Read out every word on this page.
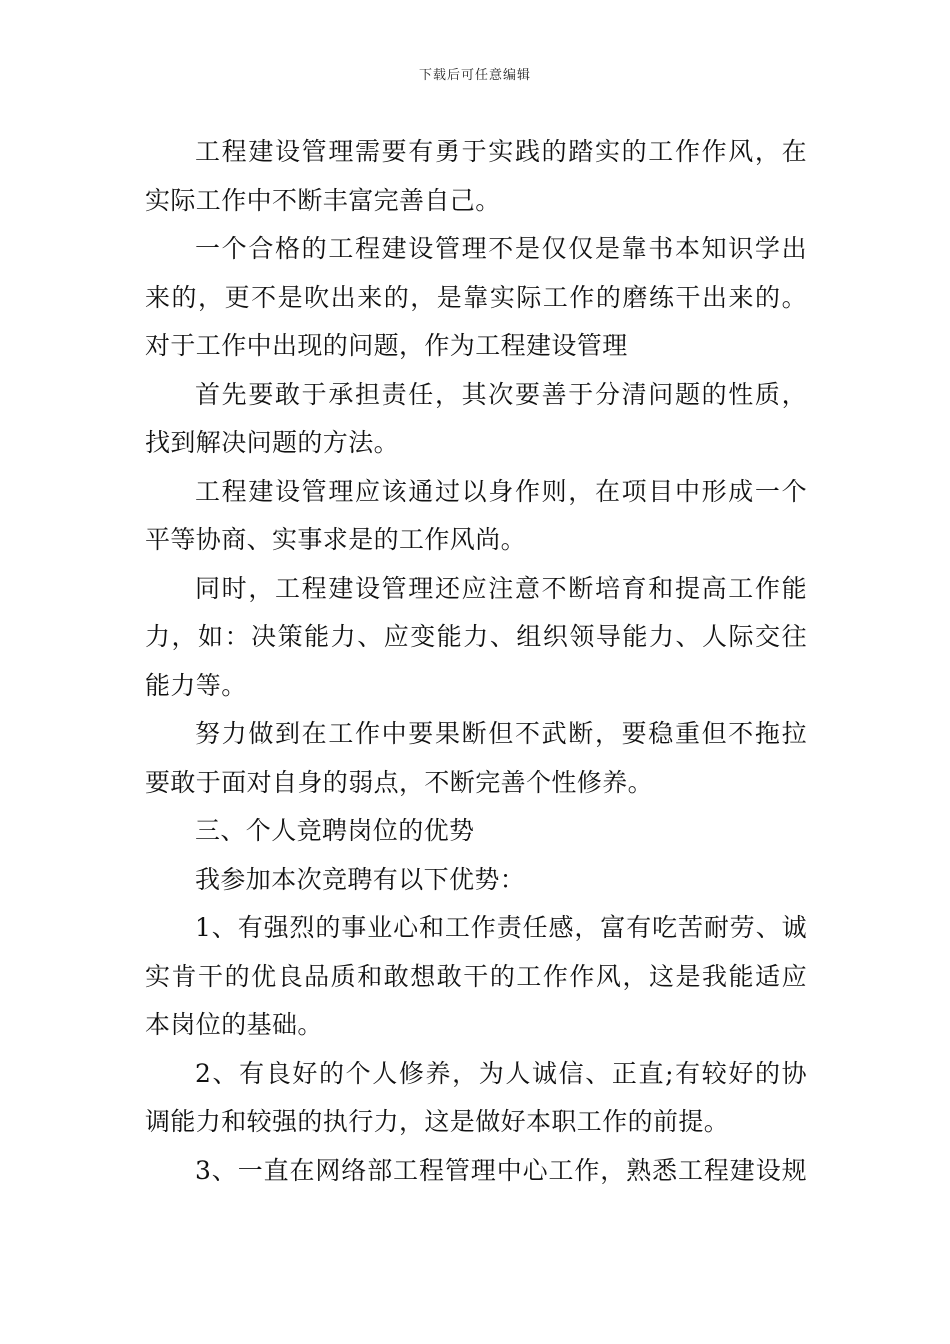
下载后可任意编辑
工程建设管理需要有勇于实践的踏实的工作作风，在
实际工作中不断丰富完善自己。
一个合格的工程建设管理不是仅仅是靠书本知识学出
来的，更不是吹出来的，是靠实际工作的磨练干出来的。
对于工作中出现的问题，作为工程建设管理
首先要敢于承担责任，其次要善于分清问题的性质，
找到解决问题的方法。
工程建设管理应该通过以身作则，在项目中形成一个
平等协商、实事求是的工作风尚。
同时，工程建设管理还应注意不断培育和提高工作能
力，如：决策能力、应变能力、组织领导能力、人际交往
能力等。
努力做到在工作中要果断但不武断，要稳重但不拖拉
要敢于面对自身的弱点，不断完善个性修养。
三、个人竞聘岗位的优势
我参加本次竞聘有以下优势：
1、有强烈的事业心和工作责任感，富有吃苦耐劳、诚
实肯干的优良品质和敢想敢干的工作作风，这是我能适应
本岗位的基础。
2、有良好的个人修养，为人诚信、正直;有较好的协
调能力和较强的执行力，这是做好本职工作的前提。
3、一直在网络部工程管理中心工作，熟悉工程建设规
